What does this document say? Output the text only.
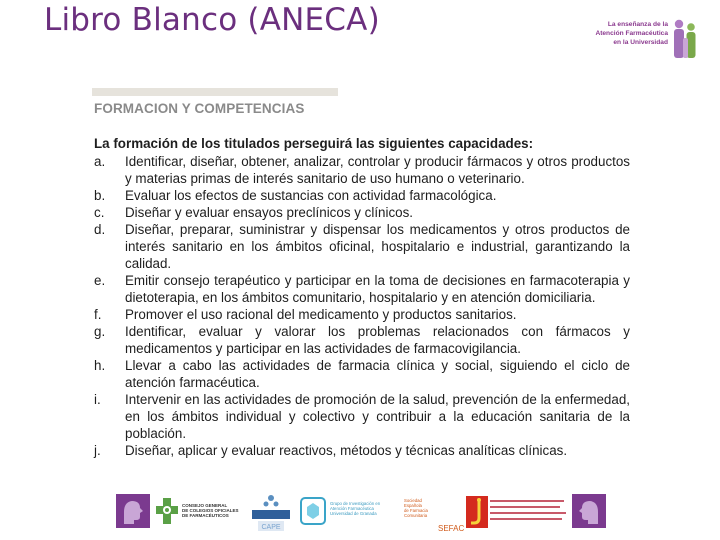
Libro Blanco (ANECA)	La enseñanza de la
Atención Farmacéutica
en la Universidad
FORMACION Y COMPETENCIAS
La formación de los titulados perseguirá las siguientes capacidades:
a. Identificar, diseñar, obtener, analizar, controlar y producir fármacos y otros productos y materias primas de interés sanitario de uso humano o veterinario.
b. Evaluar los efectos de sustancias con actividad farmacológica.
c. Diseñar y evaluar ensayos preclínicos y clínicos.
d. Diseñar, preparar, suministrar y dispensar los medicamentos y otros productos de interés sanitario en los ámbitos oficinal, hospitalario e industrial, garantizando la calidad.
e. Emitir consejo terapéutico y participar en la toma de decisiones en farmacoterapia y dietoterapia, en los ámbitos comunitario, hospitalario y en atención domiciliaria.
f. Promover el uso racional del medicamento y productos sanitarios.
g. Identificar, evaluar y valorar los problemas relacionados con fármacos y medicamentos y participar en las actividades de farmacovigilancia.
h. Llevar a cabo las actividades de farmacia clínica y social, siguiendo el ciclo de atención farmacéutica.
i. Intervenir en las actividades de promoción de la salud, prevención de la enfermedad, en los ámbitos individual y colectivo y contribuir a la educación sanitaria de la población.
j. Diseñar, aplicar y evaluar reactivos, métodos y técnicas analíticas clínicas.
CONSEJO GENERAL
DE COLEGIOS OFICIALES
DE FARMACÉUTICOS
CAPE
Grupo de Investigación en
Atención Farmacéutica
Universidad de Granada
Sociedad
Española
de Farmacia
Comunitaria
SEFAC
